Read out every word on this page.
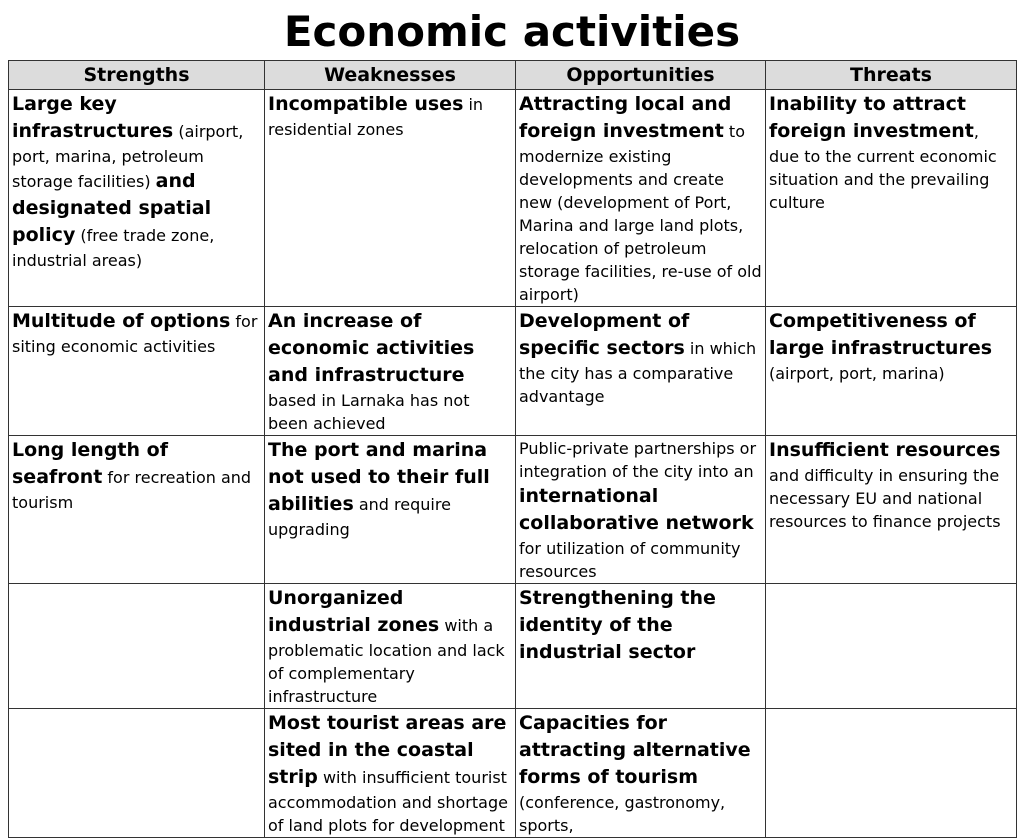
Economic activities
Strengths	Weaknesses	Opportunities	Threats
Large key infrastructures (airport, port, marina, petroleum storage facilities) and designated spatial policy (free trade zone, industrial areas)	Incompatible uses in residential zones	Attracting local and foreign investment to modernize existing developments and create new (development of Port, Marina and large land plots, relocation of petroleum storage facilities, re-use of old airport)	Inability to attract foreign investment, due to the current economic situation and the prevailing culture
Multitude of options for siting economic activities	An increase of economic activities and infrastructure based in Larnaka has not been achieved	Development of specific sectors in which the city has a comparative advantage	Competitiveness of large infrastructures (airport, port, marina)
Long length of seafront for recreation and tourism	The port and marina not used to their full abilities and require upgrading	Public-private partnerships or integration of the city into an international collaborative network for utilization of community resources	Insufficient resources and difficulty in ensuring the necessary EU and national resources to finance projects
	Unorganized industrial zones with a problematic location and lack of complementary infrastructure	Strengthening the identity of the industrial sector	
	Most tourist areas are sited in the coastal strip with insufficient tourist accommodation and shortage of land plots for development	Capacities for attracting alternative forms of tourism (conference, gastronomy, sports,	
